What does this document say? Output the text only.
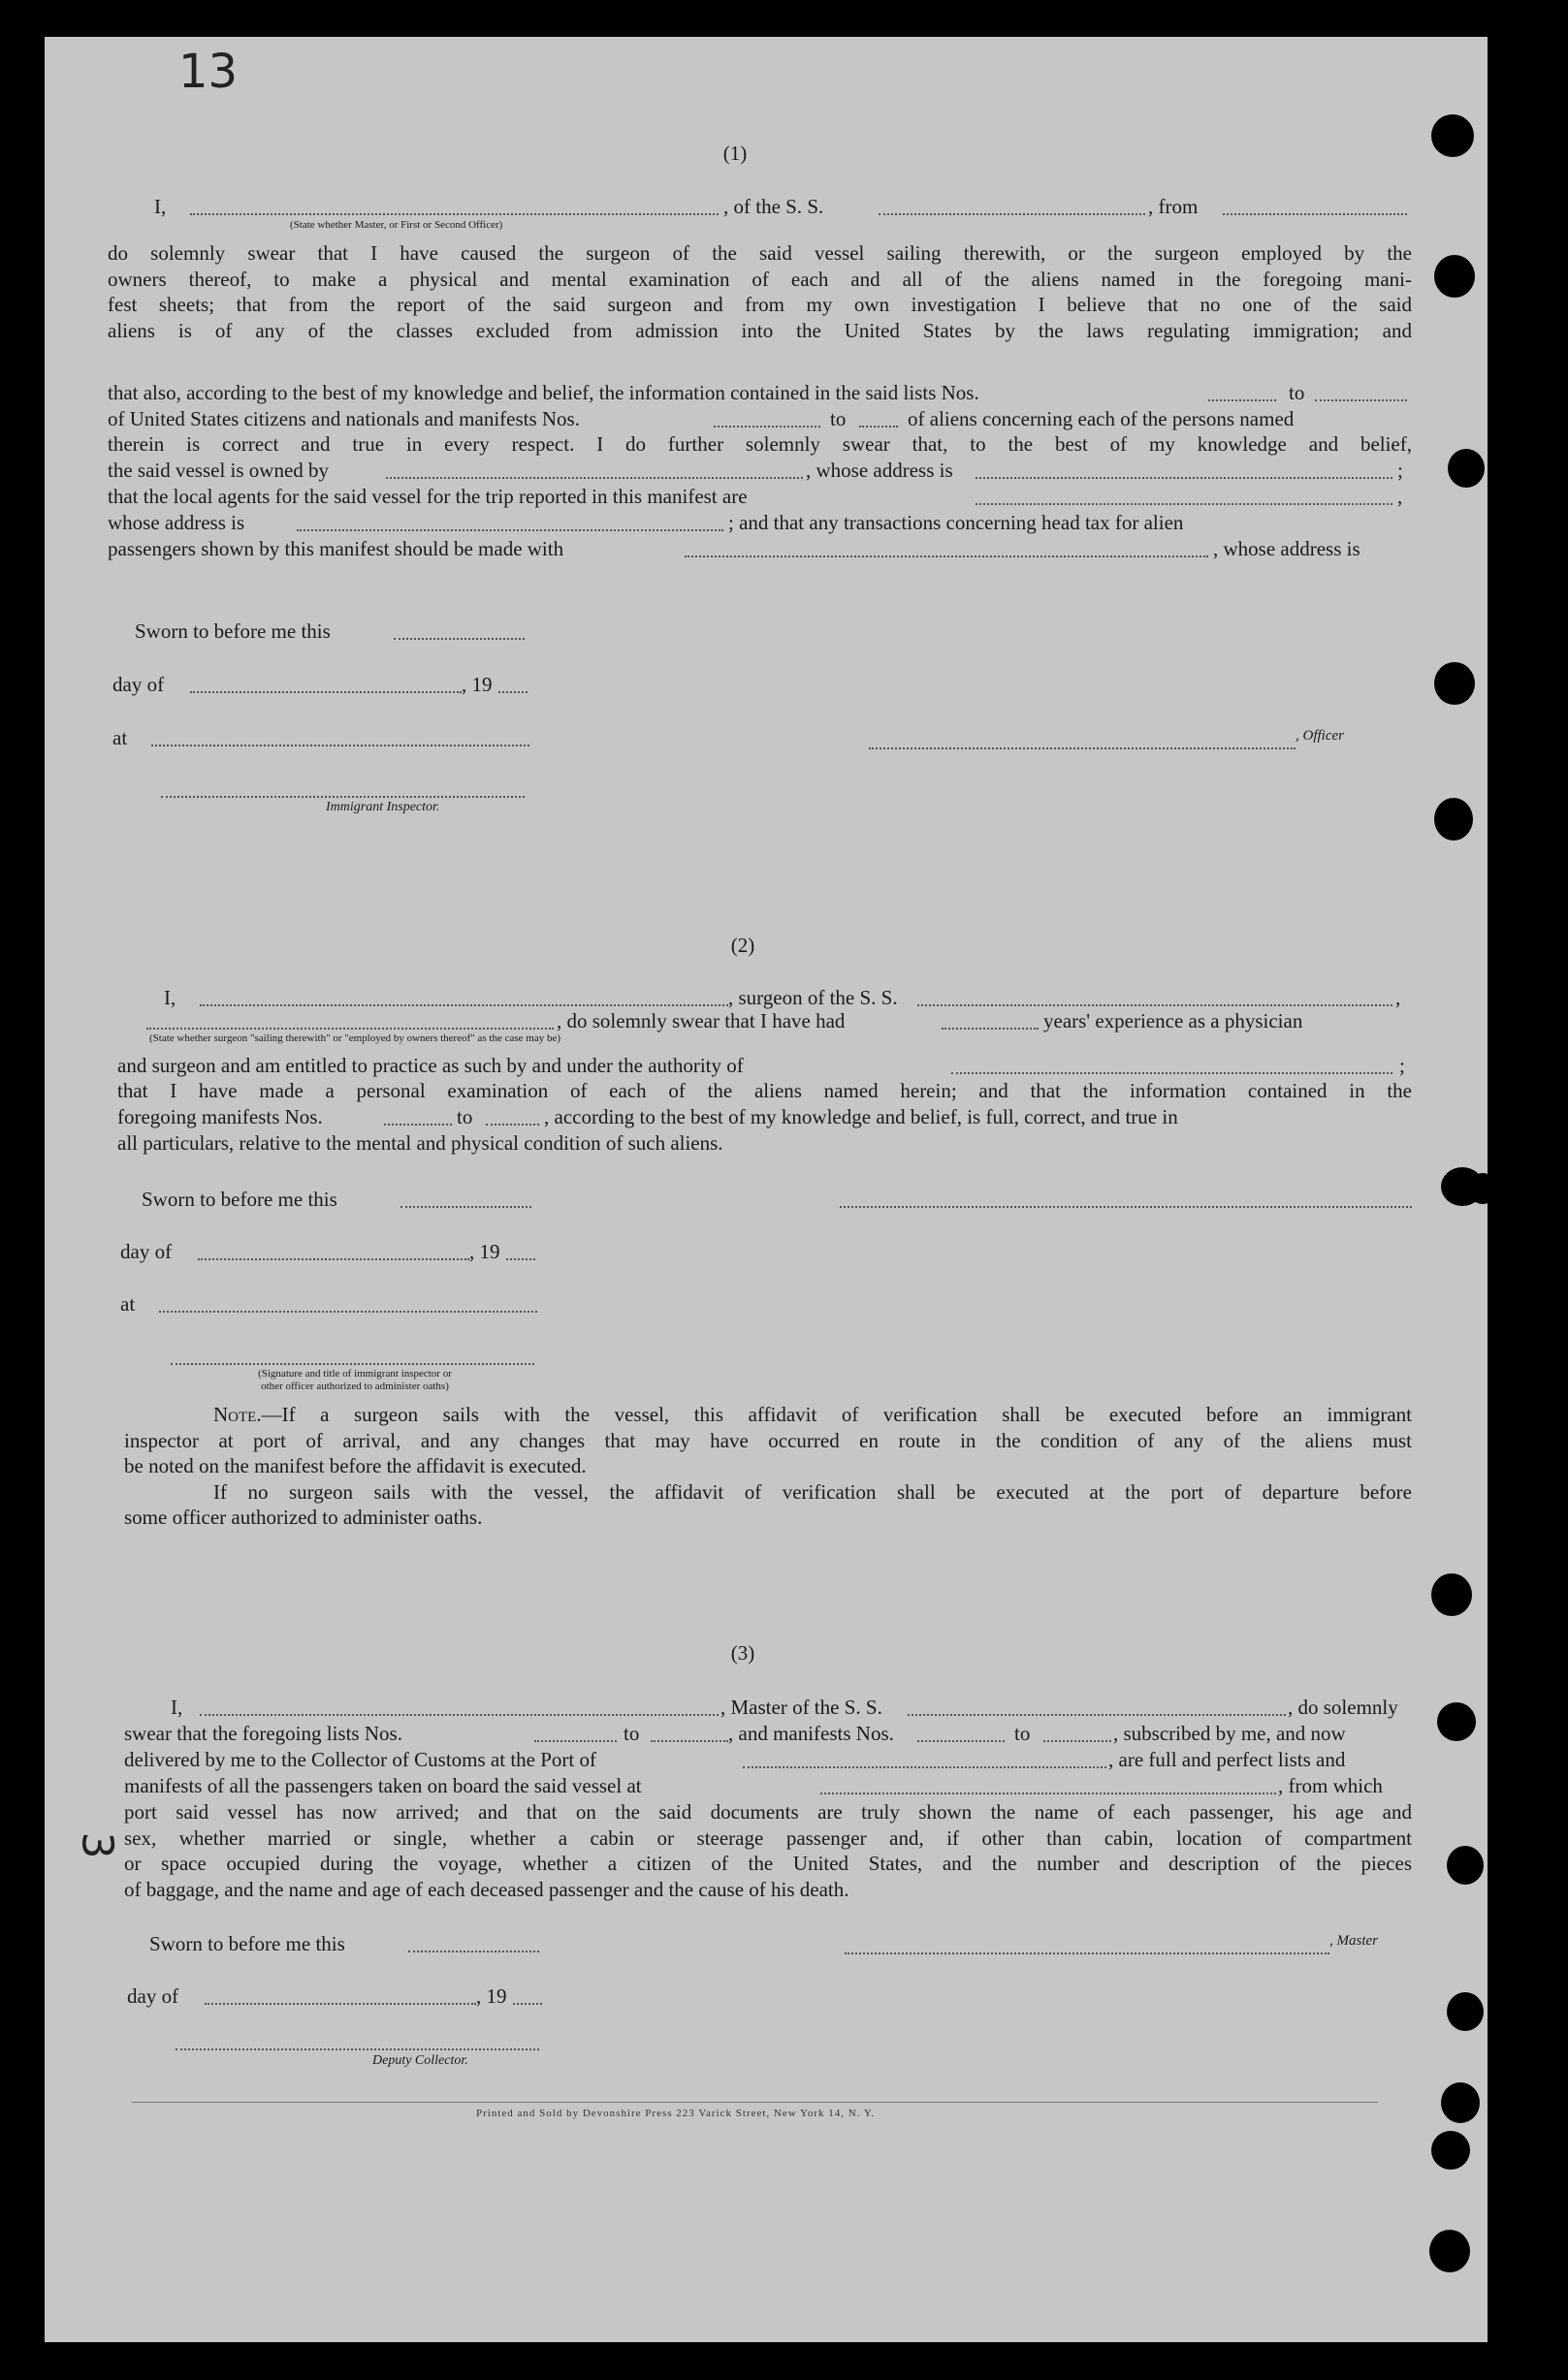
13
3
(1)
I,	, of the S. S.	, from
(State whether Master, or First or Second Officer)

do solemnly swear that I have caused the surgeon of the said vessel sailing therewith, or the surgeon employed by the

owners thereof, to make a physical and mental examination of each and all of the aliens named in the foregoing mani-

fest sheets; that from the report of the said surgeon and from my own investigation I believe that no one of the said

aliens is of any of the classes excluded from admission into the United States by the laws regulating immigration; and

that also, according to the best of my knowledge and belief, the information contained in the said lists Nos.	to
of United States citizens and nationals and manifests Nos.	to	of aliens concerning each of the persons named

therein is correct and true in every respect. I do further solemnly swear that, to the best of my knowledge and belief,

the said vessel is owned by	, whose address is	;
that the local agents for the said vessel for the trip reported in this manifest are	,
whose address is	; and that any transactions concerning head tax for alien
passengers shown by this manifest should be made with	, whose address is
Sworn to before me this
day of	, 19
at	, Officer
Immigrant Inspector.
(2)
I,	, surgeon of the S. S.	,
, do solemnly swear that I have had	years' experience as a physician
(State whether surgeon "sailing therewith" or "employed by owners thereof" as the case may be)
and surgeon and am entitled to practice as such by and under the authority of	;

that I have made a personal examination of each of the aliens named herein; and that the information contained in the

foregoing manifests Nos.	to	, according to the best of my knowledge and belief, is full, correct, and true in
all particulars, relative to the mental and physical condition of such aliens.
Sworn to before me this
day of	, 19
at
(Signature and title of immigrant inspector or
other officer authorized to administer oaths)

Note.—If a surgeon sails with the vessel, this affidavit of verification shall be executed before an immigrant

inspector at port of arrival, and any changes that may have occurred en route in the condition of any of the aliens must

be noted on the manifest before the affidavit is executed.

If no surgeon sails with the vessel, the affidavit of verification shall be executed at the port of departure before

some officer authorized to administer oaths.

(3)
I,	, Master of the S. S.	, do solemnly
swear that the foregoing lists Nos.	to	, and manifests Nos.	to	, subscribed by me, and now
delivered by me to the Collector of Customs at the Port of	, are full and perfect lists and
manifests of all the passengers taken on board the said vessel at	, from which

port said vessel has now arrived; and that on the said documents are truly shown the name of each passenger, his age and

sex, whether married or single, whether a cabin or steerage passenger and, if other than cabin, location of compartment

or space occupied during the voyage, whether a citizen of the United States, and the number and description of the pieces

of baggage, and the name and age of each deceased passenger and the cause of his death.

Sworn to before me this	, Master
day of	, 19
Deputy Collector.
Printed and Sold by Devonshire Press 223 Varick Street, New York 14, N. Y.
